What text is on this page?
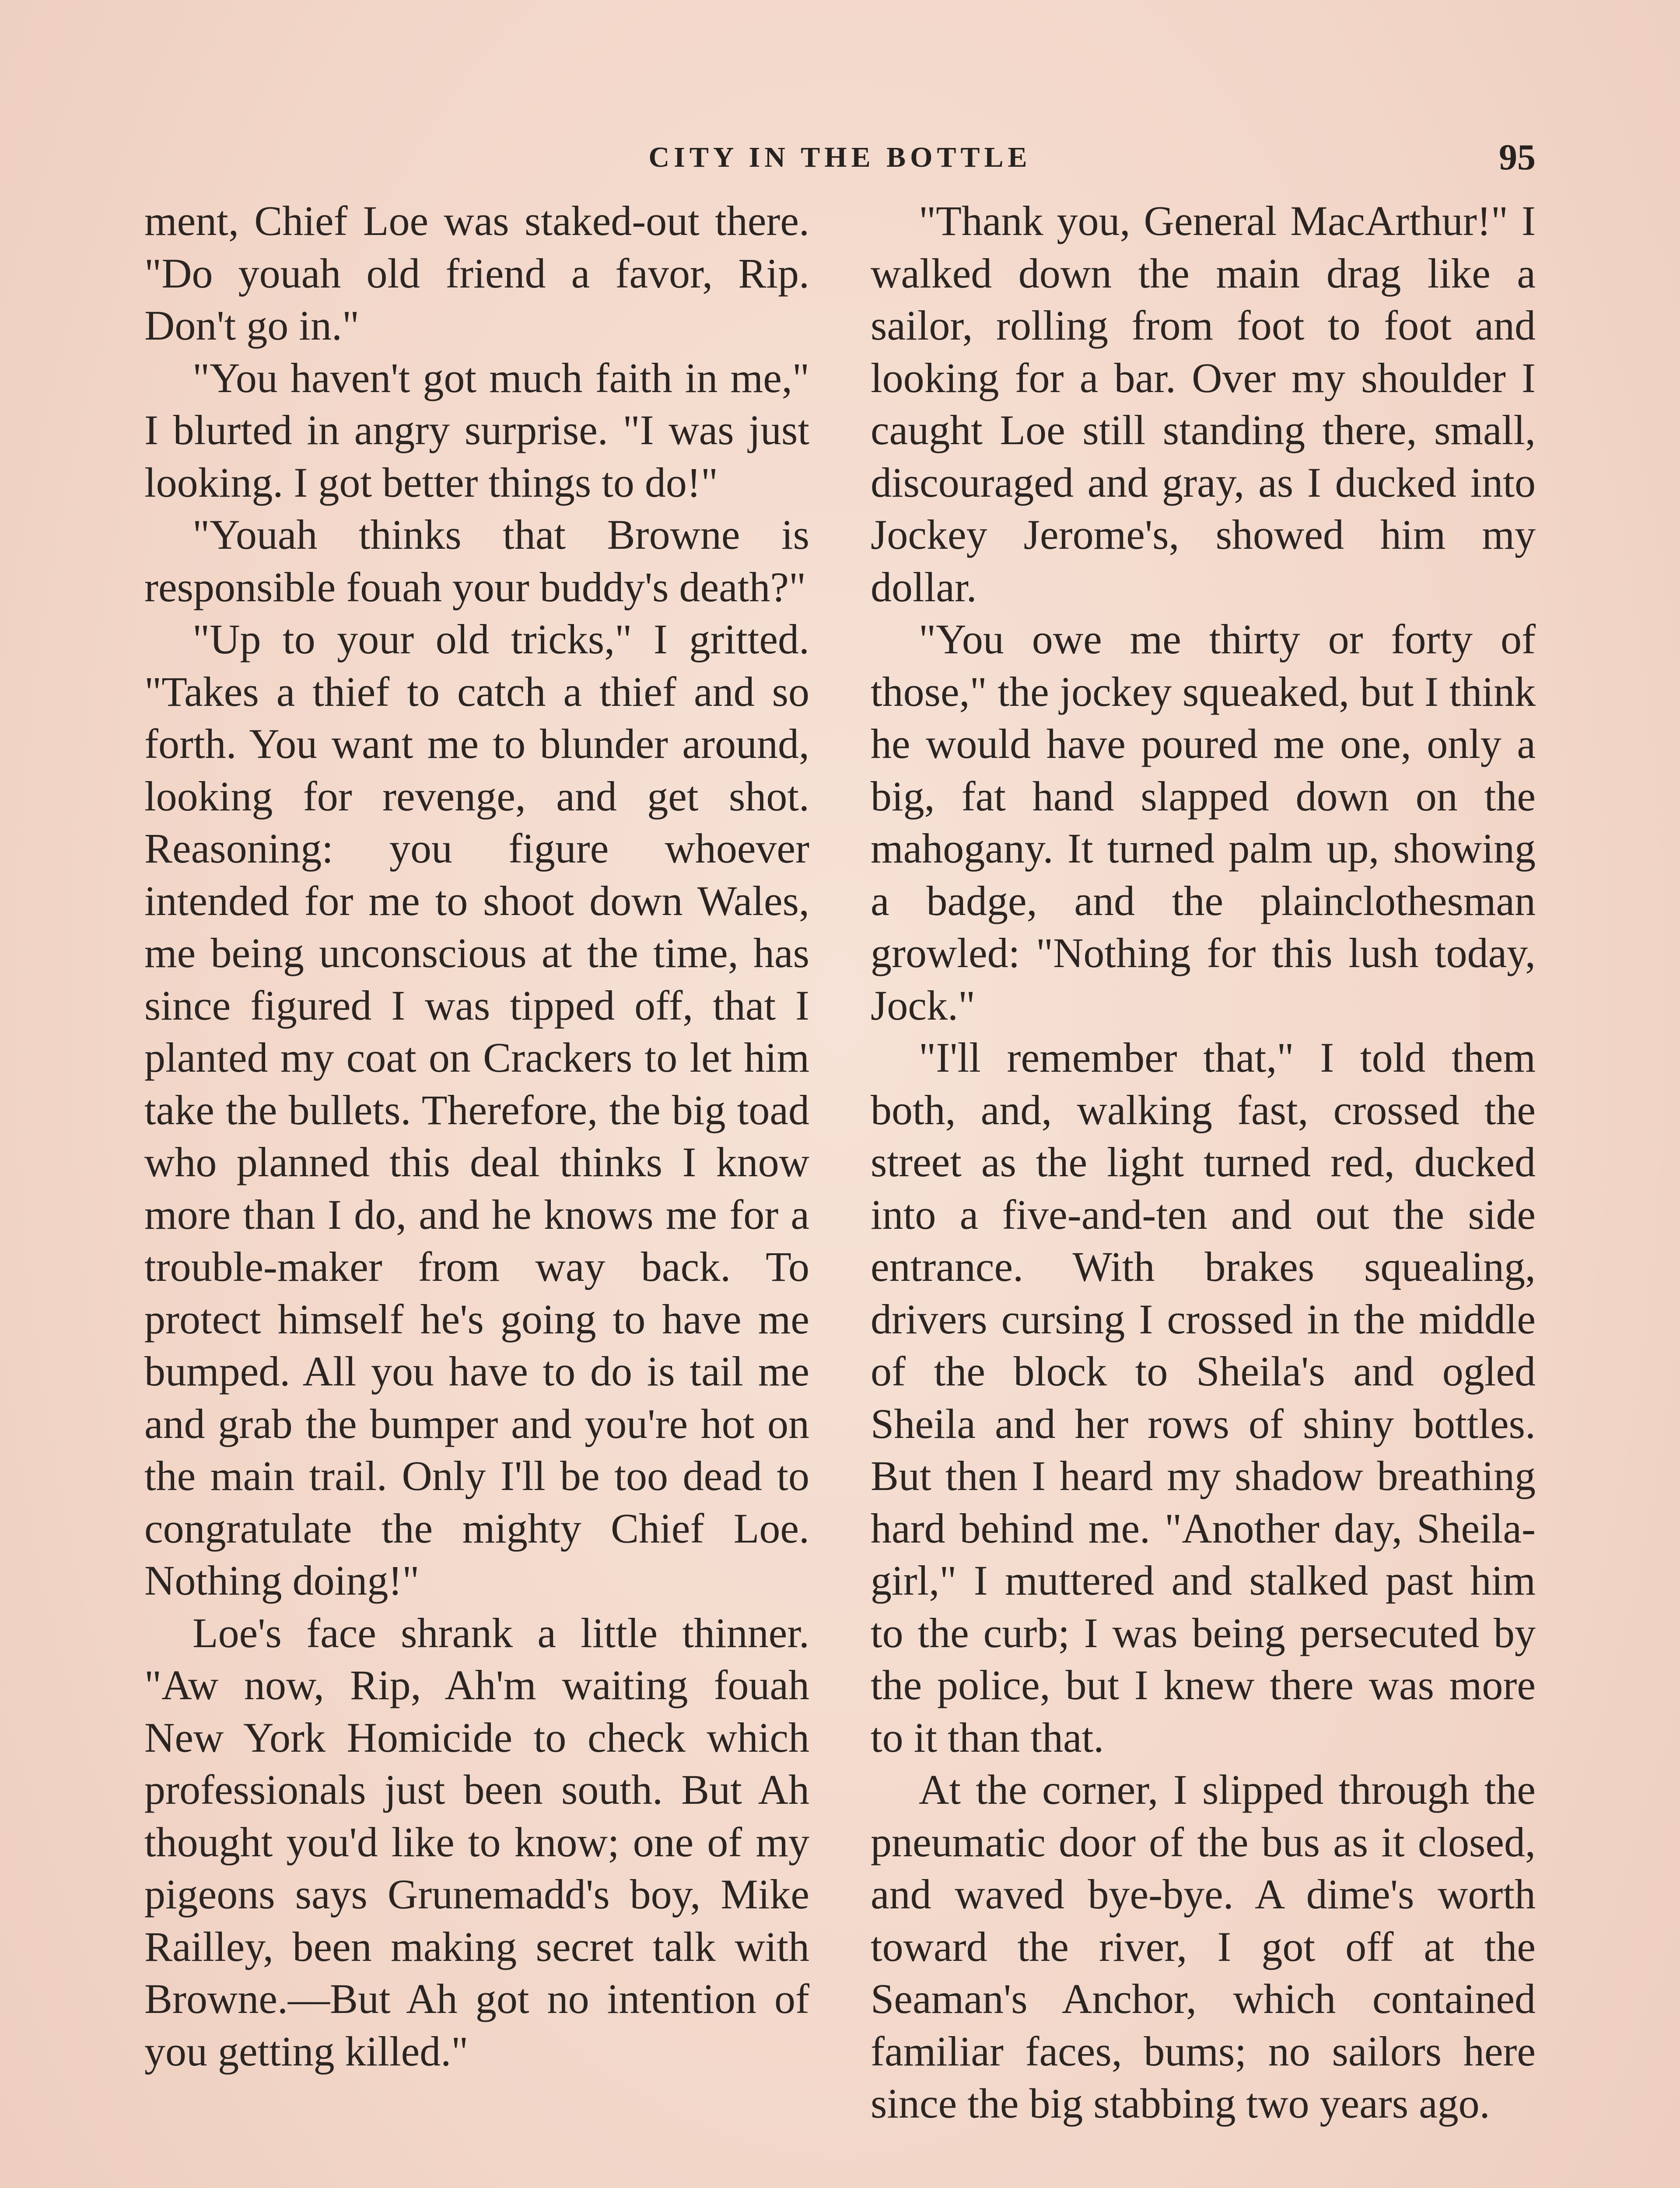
CITY IN THE BOTTLE	95

ment, Chief Loe was staked-out there. "Do youah old friend a favor, Rip. Don't go in."

"You haven't got much faith in me," I blurted in angry surprise. "I was just looking. I got better things to do!"

"Youah thinks that Browne is responsible fouah your buddy's death?"

"Up to your old tricks," I gritted. "Takes a thief to catch a thief and so forth. You want me to blunder around, looking for revenge, and get shot. Reasoning: you figure whoever intended for me to shoot down Wales, me being unconscious at the time, has since figured I was tipped off, that I planted my coat on Crackers to let him take the bullets. Therefore, the big toad who planned this deal thinks I know more than I do, and he knows me for a trouble-maker from way back. To protect himself he's going to have me bumped. All you have to do is tail me and grab the bumper and you're hot on the main trail. Only I'll be too dead to congratulate the mighty Chief Loe. Nothing doing!"

Loe's face shrank a little thinner. "Aw now, Rip, Ah'm waiting fouah New York Homicide to check which professionals just been south. But Ah thought you'd like to know; one of my pigeons says Grunemadd's boy, Mike Railley, been making secret talk with Browne.—But Ah got no intention of you getting killed."

"Thank you, General MacArthur!" I walked down the main drag like a sailor, rolling from foot to foot and looking for a bar. Over my shoulder I caught Loe still standing there, small, discouraged and gray, as I ducked into Jockey Jerome's, showed him my dollar.

"You owe me thirty or forty of those," the jockey squeaked, but I think he would have poured me one, only a big, fat hand slapped down on the mahogany. It turned palm up, showing a badge, and the plainclothesman growled: "Nothing for this lush today, Jock."

"I'll remember that," I told them both, and, walking fast, crossed the street as the light turned red, ducked into a five-and-ten and out the side entrance. With brakes squealing, drivers cursing I crossed in the middle of the block to Sheila's and ogled Sheila and her rows of shiny bottles. But then I heard my shadow breathing hard behind me. "Another day, Sheila-girl," I muttered and stalked past him to the curb; I was being persecuted by the police, but I knew there was more to it than that.

At the corner, I slipped through the pneumatic door of the bus as it closed, and waved bye-bye. A dime's worth toward the river, I got off at the Seaman's Anchor, which contained familiar faces, bums; no sailors here since the big stabbing two years ago.
